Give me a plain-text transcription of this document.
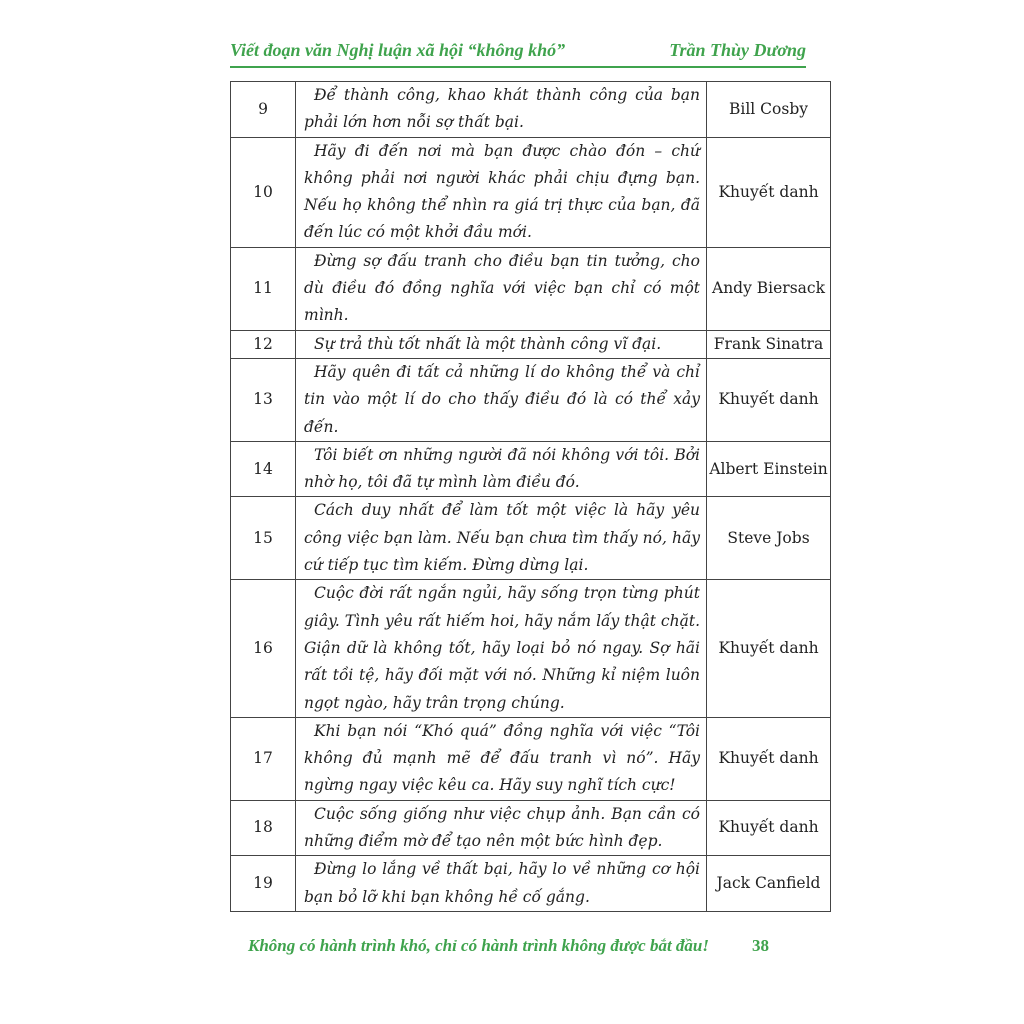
Viết đoạn văn Nghị luận xã hội “không khó”	Trần Thùy Dương
9	Để thành công, khao khát thành công của bạn phải lớn hơn nỗi sợ thất bại.	Bill Cosby
10	Hãy đi đến nơi mà bạn được chào đón – chứ không phải nơi người khác phải chịu đựng bạn. Nếu họ không thể nhìn ra giá trị thực của bạn, đã đến lúc có một khởi đầu mới.	Khuyết danh
11	Đừng sợ đấu tranh cho điều bạn tin tưởng, cho dù điều đó đồng nghĩa với việc bạn chỉ có một mình.	Andy Biersack
12	Sự trả thù tốt nhất là một thành công vĩ đại.	Frank Sinatra
13	Hãy quên đi tất cả những lí do không thể và chỉ tin vào một lí do cho thấy điều đó là có thể xảy đến.	Khuyết danh
14	Tôi biết ơn những người đã nói không với tôi. Bởi nhờ họ, tôi đã tự mình làm điều đó.	Albert Einstein
15	Cách duy nhất để làm tốt một việc là hãy yêu công việc bạn làm. Nếu bạn chưa tìm thấy nó, hãy cứ tiếp tục tìm kiếm. Đừng dừng lại.	Steve Jobs
16	Cuộc đời rất ngắn ngủi, hãy sống trọn từng phút giây. Tình yêu rất hiếm hoi, hãy nắm lấy thật chặt. Giận dữ là không tốt, hãy loại bỏ nó ngay. Sợ hãi rất tồi tệ, hãy đối mặt với nó. Những kỉ niệm luôn ngọt ngào, hãy trân trọng chúng.	Khuyết danh
17	Khi bạn nói “Khó quá” đồng nghĩa với việc “Tôi không đủ mạnh mẽ để đấu tranh vì nó”. Hãy ngừng ngay việc kêu ca. Hãy suy nghĩ tích cực!	Khuyết danh
18	Cuộc sống giống như việc chụp ảnh. Bạn cần có những điểm mờ để tạo nên một bức hình đẹp.	Khuyết danh
19	Đừng lo lắng về thất bại, hãy lo về những cơ hội bạn bỏ lỡ khi bạn không hề cố gắng.	Jack Canfield
Không có hành trình khó, chỉ có hành trình không được bắt đầu!	38
